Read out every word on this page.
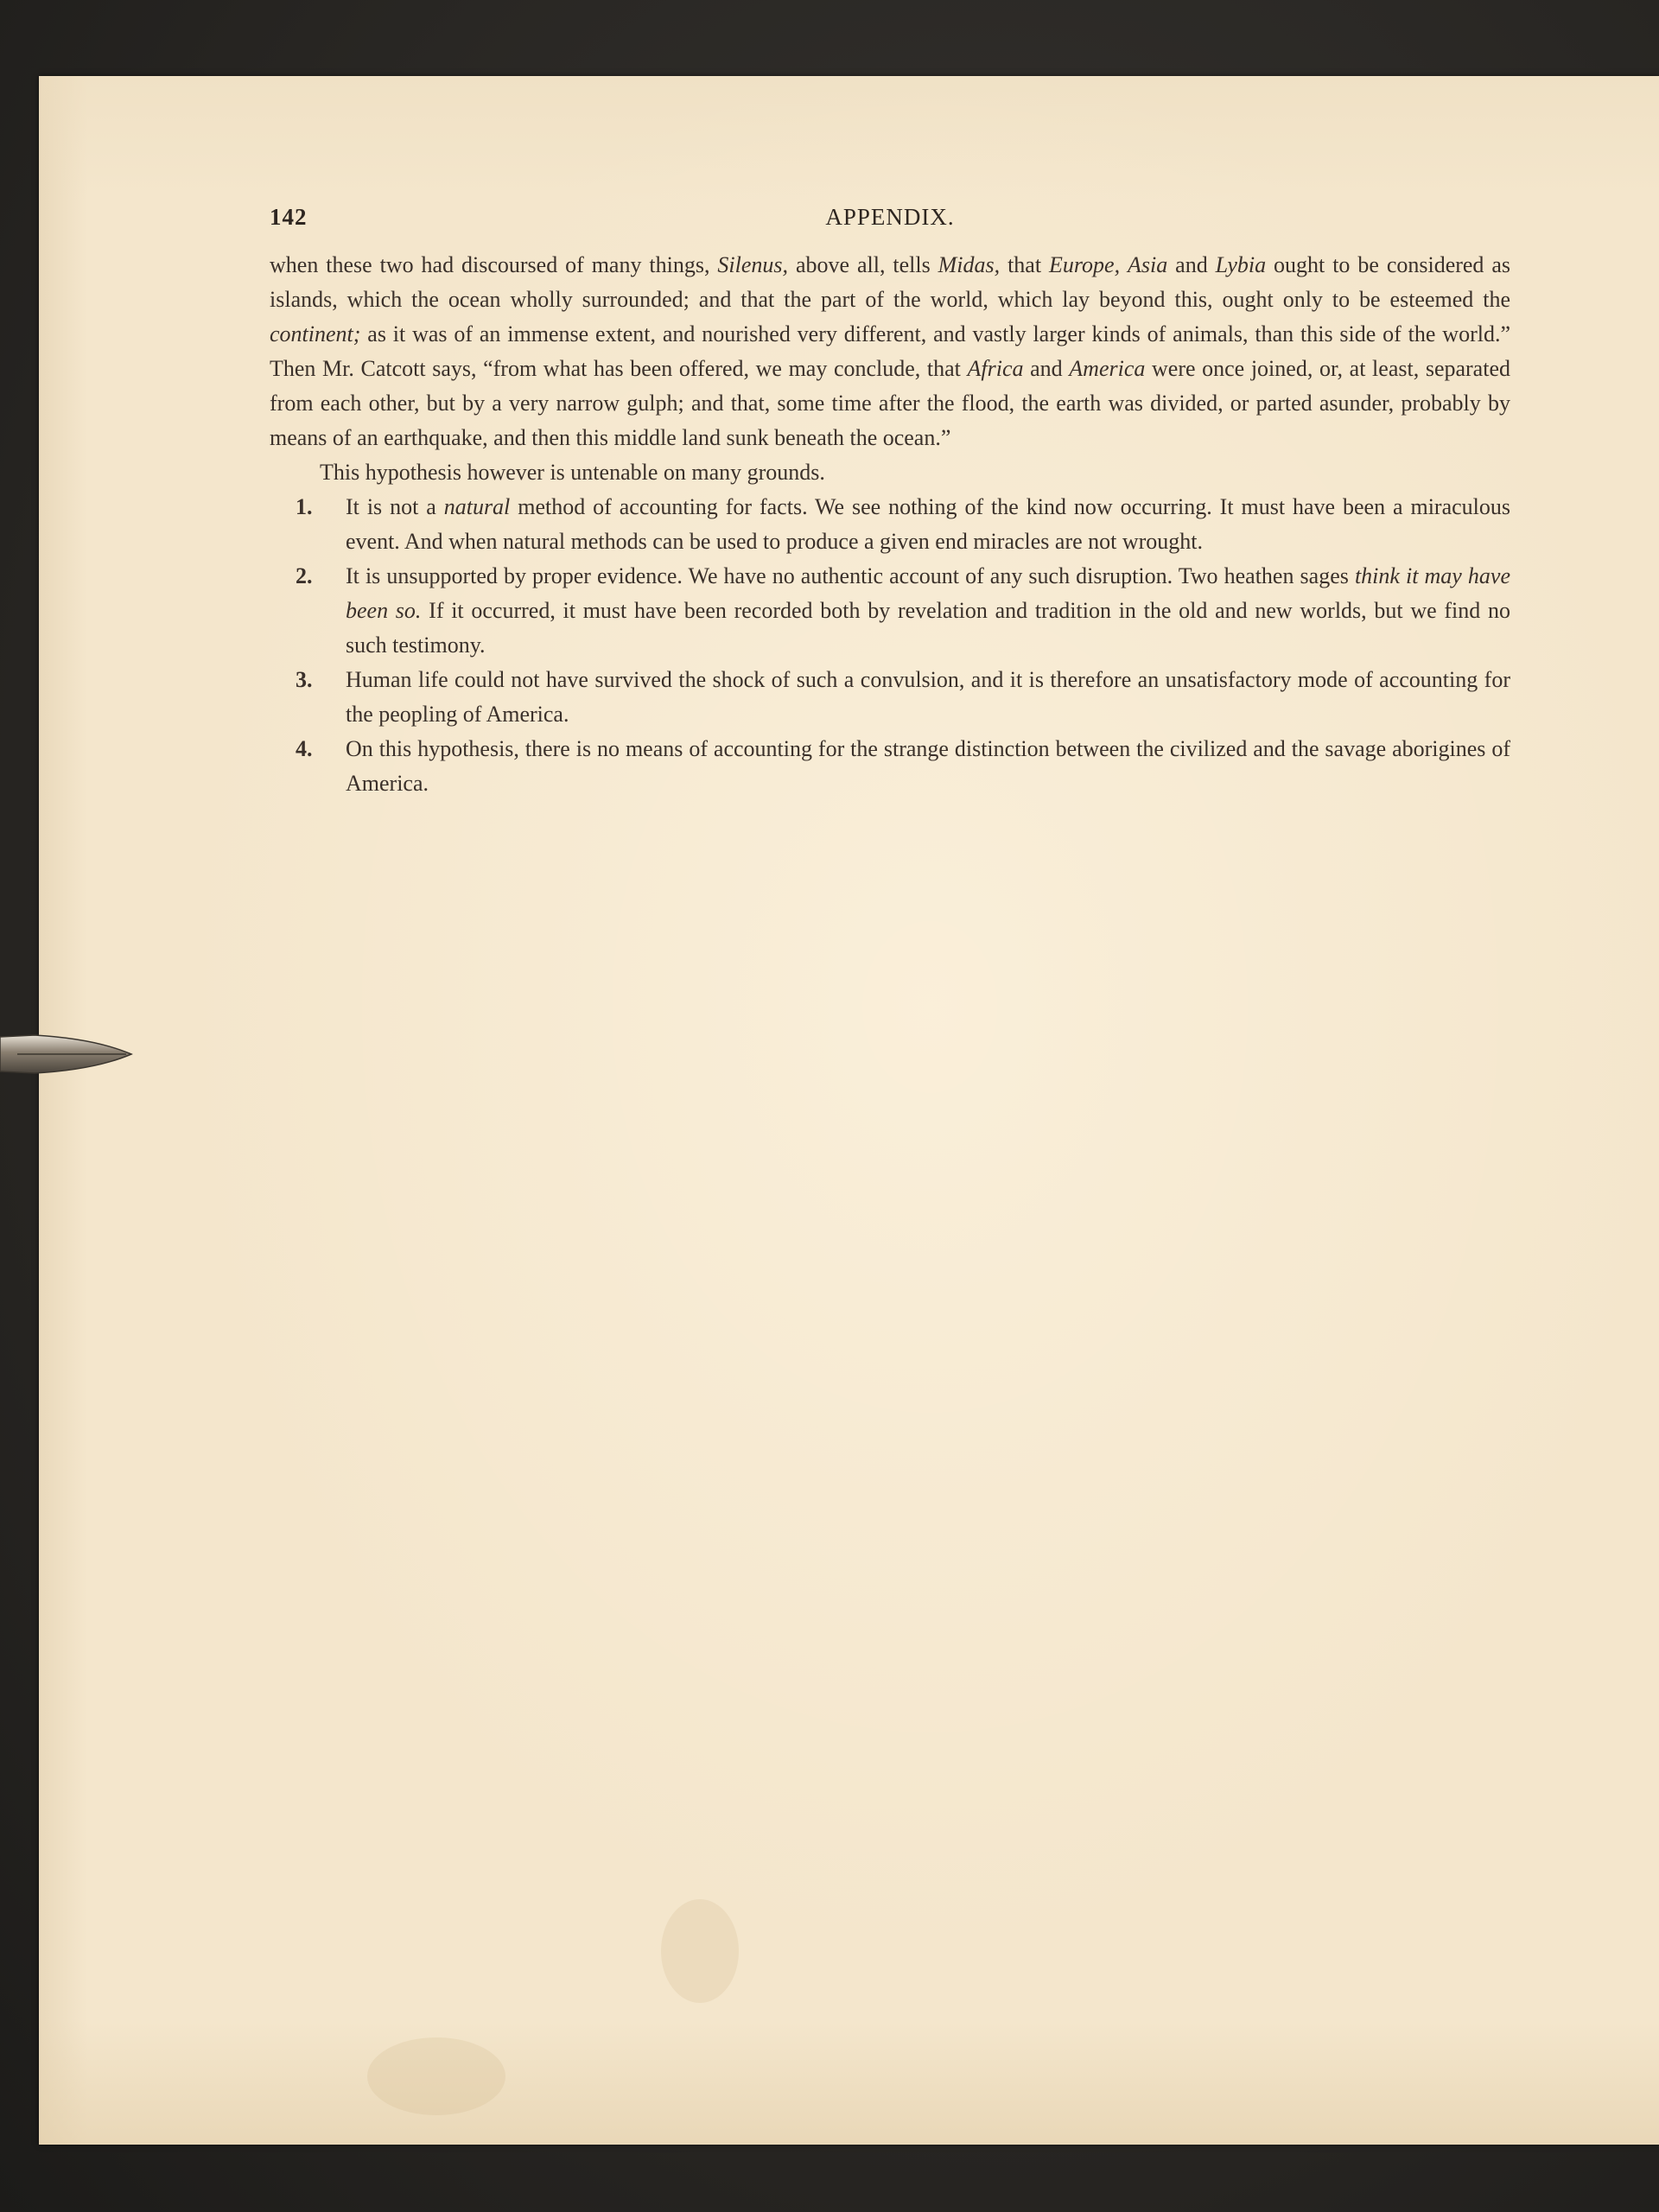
142	APPENDIX.

when these two had discoursed of many things, Silenus, above all, tells Midas, that Europe, Asia and Lybia ought to be considered as islands, which the ocean wholly surrounded; and that the part of the world, which lay beyond this, ought only to be esteemed the continent; as it was of an immense extent, and nourished very different, and vastly larger kinds of animals, than this side of the world.” Then Mr. Catcott says, “from what has been offered, we may conclude, that Africa and America were once joined, or, at least, separated from each other, but by a very narrow gulph; and that, some time after the flood, the earth was divided, or parted asunder, probably by means of an earthquake, and then this middle land sunk beneath the ocean.”

This hypothesis however is untenable on many grounds.

1. It is not a natural method of accounting for facts. We see nothing of the kind now occurring. It must have been a miraculous event. And when natural methods can be used to produce a given end miracles are not wrought.
2. It is unsupported by proper evidence. We have no authentic account of any such disruption. Two heathen sages think it may have been so. If it occurred, it must have been recorded both by revelation and tradition in the old and new worlds, but we find no such testimony.
3. Human life could not have survived the shock of such a convulsion, and it is therefore an unsatisfactory mode of accounting for the peopling of America.
4. On this hypothesis, there is no means of accounting for the strange distinction between the civilized and the savage aborigines of America.
